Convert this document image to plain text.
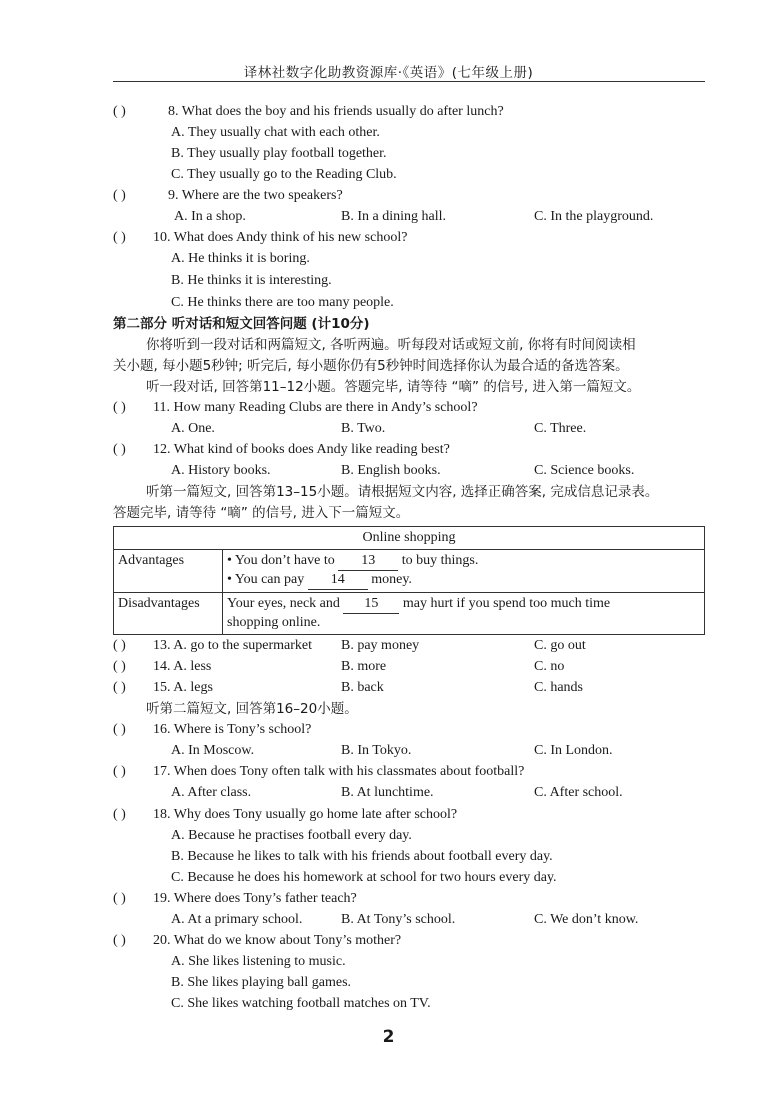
译林社数字化助教资源库·《英语》(七年级上册)
( )	8. What does the boy and his friends usually do after lunch?
A. They usually chat with each other.
B. They usually play football together.
C. They usually go to the Reading Club.
( )	9. Where are the two speakers?
A. In a shop.	B. In a dining hall.	C. In the playground.
( ) 10. What does Andy think of his new school?
A. He thinks it is boring.
B. He thinks it is interesting.
C. He thinks there are too many people.
第二部分 听对话和短文回答问题 (计10分)
你将听到一段对话和两篇短文, 各听两遍。听每段对话或短文前, 你将有时间阅读相
关小题, 每小题5秒钟; 听完后, 每小题你仍有5秒钟时间选择你认为最合适的备选答案。
听一段对话, 回答第11–12小题。答题完毕, 请等待 “嘀” 的信号, 进入第一篇短文。
( ) 11. How many Reading Clubs are there in Andy’s school?
A. One.	B. Two.	C. Three.
( ) 12. What kind of books does Andy like reading best?
A. History books.	B. English books.	C. Science books.
听第一篇短文, 回答第13–15小题。请根据短文内容, 选择正确答案, 完成信息记录表。
答题完毕, 请等待 “嘀” 的信号, 进入下一篇短文。
Online shopping	
Advantages	• You don’t have to 13 to buy things.
• You can pay 14 money.

Disadvantages	Your eyes, neck and 15 may hurt if you spend too much time
shopping online.
( ) 13. A. go to the supermarket B. pay money	C. go out
( ) 14. A. less	B. more	C. no
( ) 15. A. legs	B. back	C. hands
听第二篇短文, 回答第16–20小题。
( ) 16. Where is Tony’s school?
A. In Moscow.	B. In Tokyo.	C. In London.
( ) 17. When does Tony often talk with his classmates about football?
A. After class.	B. At lunchtime.	C. After school.
( ) 18. Why does Tony usually go home late after school?
A. Because he practises football every day.
B. Because he likes to talk with his friends about football every day.
C. Because he does his homework at school for two hours every day.
( ) 19. Where does Tony’s father teach?
A. At a primary school.	B. At Tony’s school.	C. We don’t know.
( ) 20. What do we know about Tony’s mother?
A. She likes listening to music.
B. She likes playing ball games.
C. She likes watching football matches on TV.
2
